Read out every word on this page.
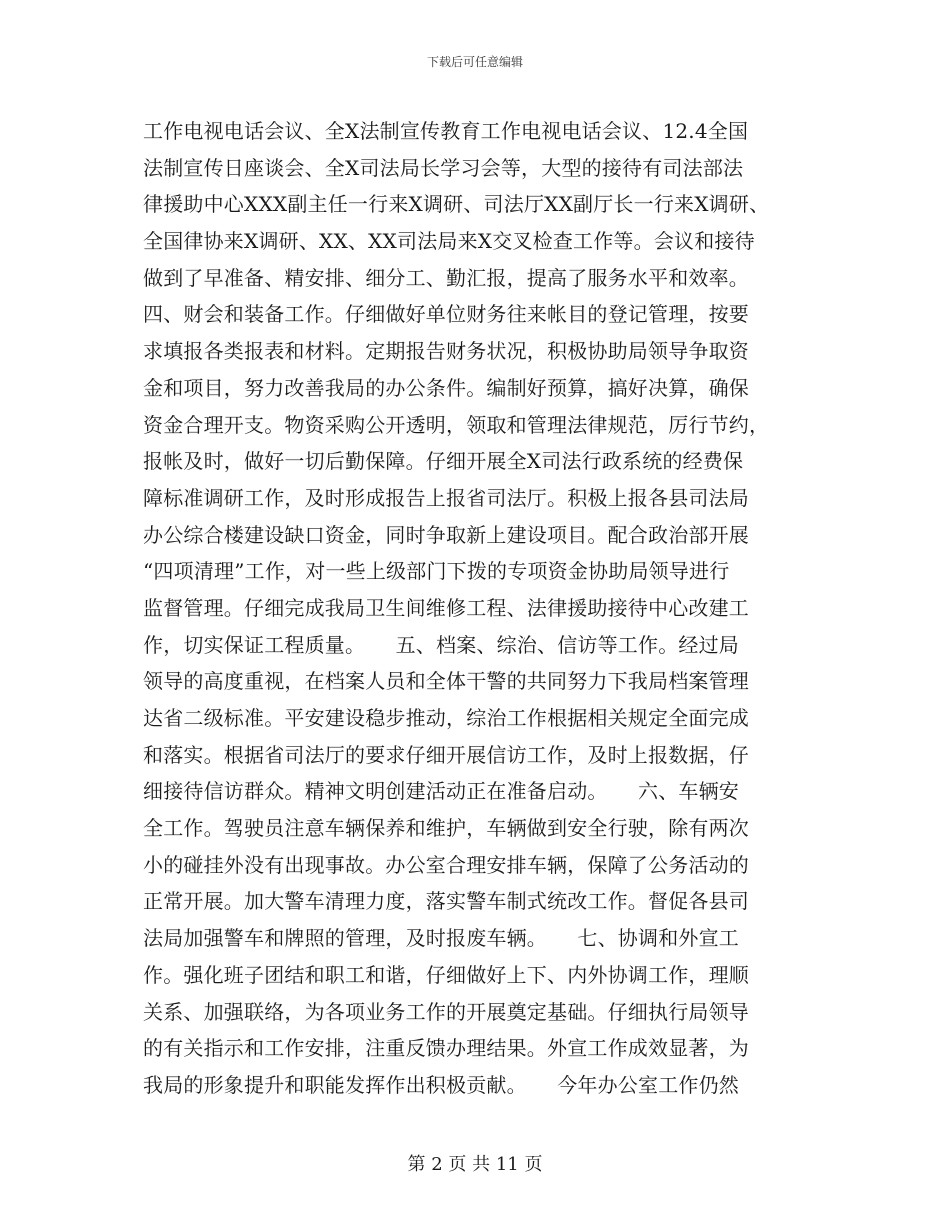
下载后可任意编辑
工作电视电话会议、全X法制宣传教育工作电视电话会议、12.4全国
法制宣传日座谈会、全X司法局长学习会等，大型的接待有司法部法
律援助中心XXX副主任一行来X调研、司法厅XX副厅长一行来X调研、
全国律协来X调研、XX、XX司法局来X交叉检查工作等。会议和接待
做到了早准备、精安排、细分工、勤汇报，提高了服务水平和效率。
四、财会和装备工作。仔细做好单位财务往来帐目的登记管理，按要
求填报各类报表和材料。定期报告财务状况，积极协助局领导争取资
金和项目，努力改善我局的办公条件。编制好预算，搞好决算，确保
资金合理开支。物资采购公开透明，领取和管理法律规范，厉行节约，
报帐及时，做好一切后勤保障。仔细开展全X司法行政系统的经费保
障标准调研工作，及时形成报告上报省司法厅。积极上报各县司法局
办公综合楼建设缺口资金，同时争取新上建设项目。配合政治部开展
“四项清理”工作，对一些上级部门下拨的专项资金协助局领导进行
监督管理。仔细完成我局卫生间维修工程、法律援助接待中心改建工
作，切实保证工程质量。　　五、档案、综治、信访等工作。经过局
领导的高度重视，在档案人员和全体干警的共同努力下我局档案管理
达省二级标准。平安建设稳步推动，综治工作根据相关规定全面完成
和落实。根据省司法厅的要求仔细开展信访工作，及时上报数据，仔
细接待信访群众。精神文明创建活动正在准备启动。　　六、车辆安
全工作。驾驶员注意车辆保养和维护，车辆做到安全行驶，除有两次
小的碰挂外没有出现事故。办公室合理安排车辆，保障了公务活动的
正常开展。加大警车清理力度，落实警车制式统改工作。督促各县司
法局加强警车和牌照的管理，及时报废车辆。　　七、协调和外宣工
作。强化班子团结和职工和谐，仔细做好上下、内外协调工作，理顺
关系、加强联络，为各项业务工作的开展奠定基础。仔细执行局领导
的有关指示和工作安排，注重反馈办理结果。外宣工作成效显著，为
我局的形象提升和职能发挥作出积极贡献。　　今年办公室工作仍然
第 2 页 共 11 页
